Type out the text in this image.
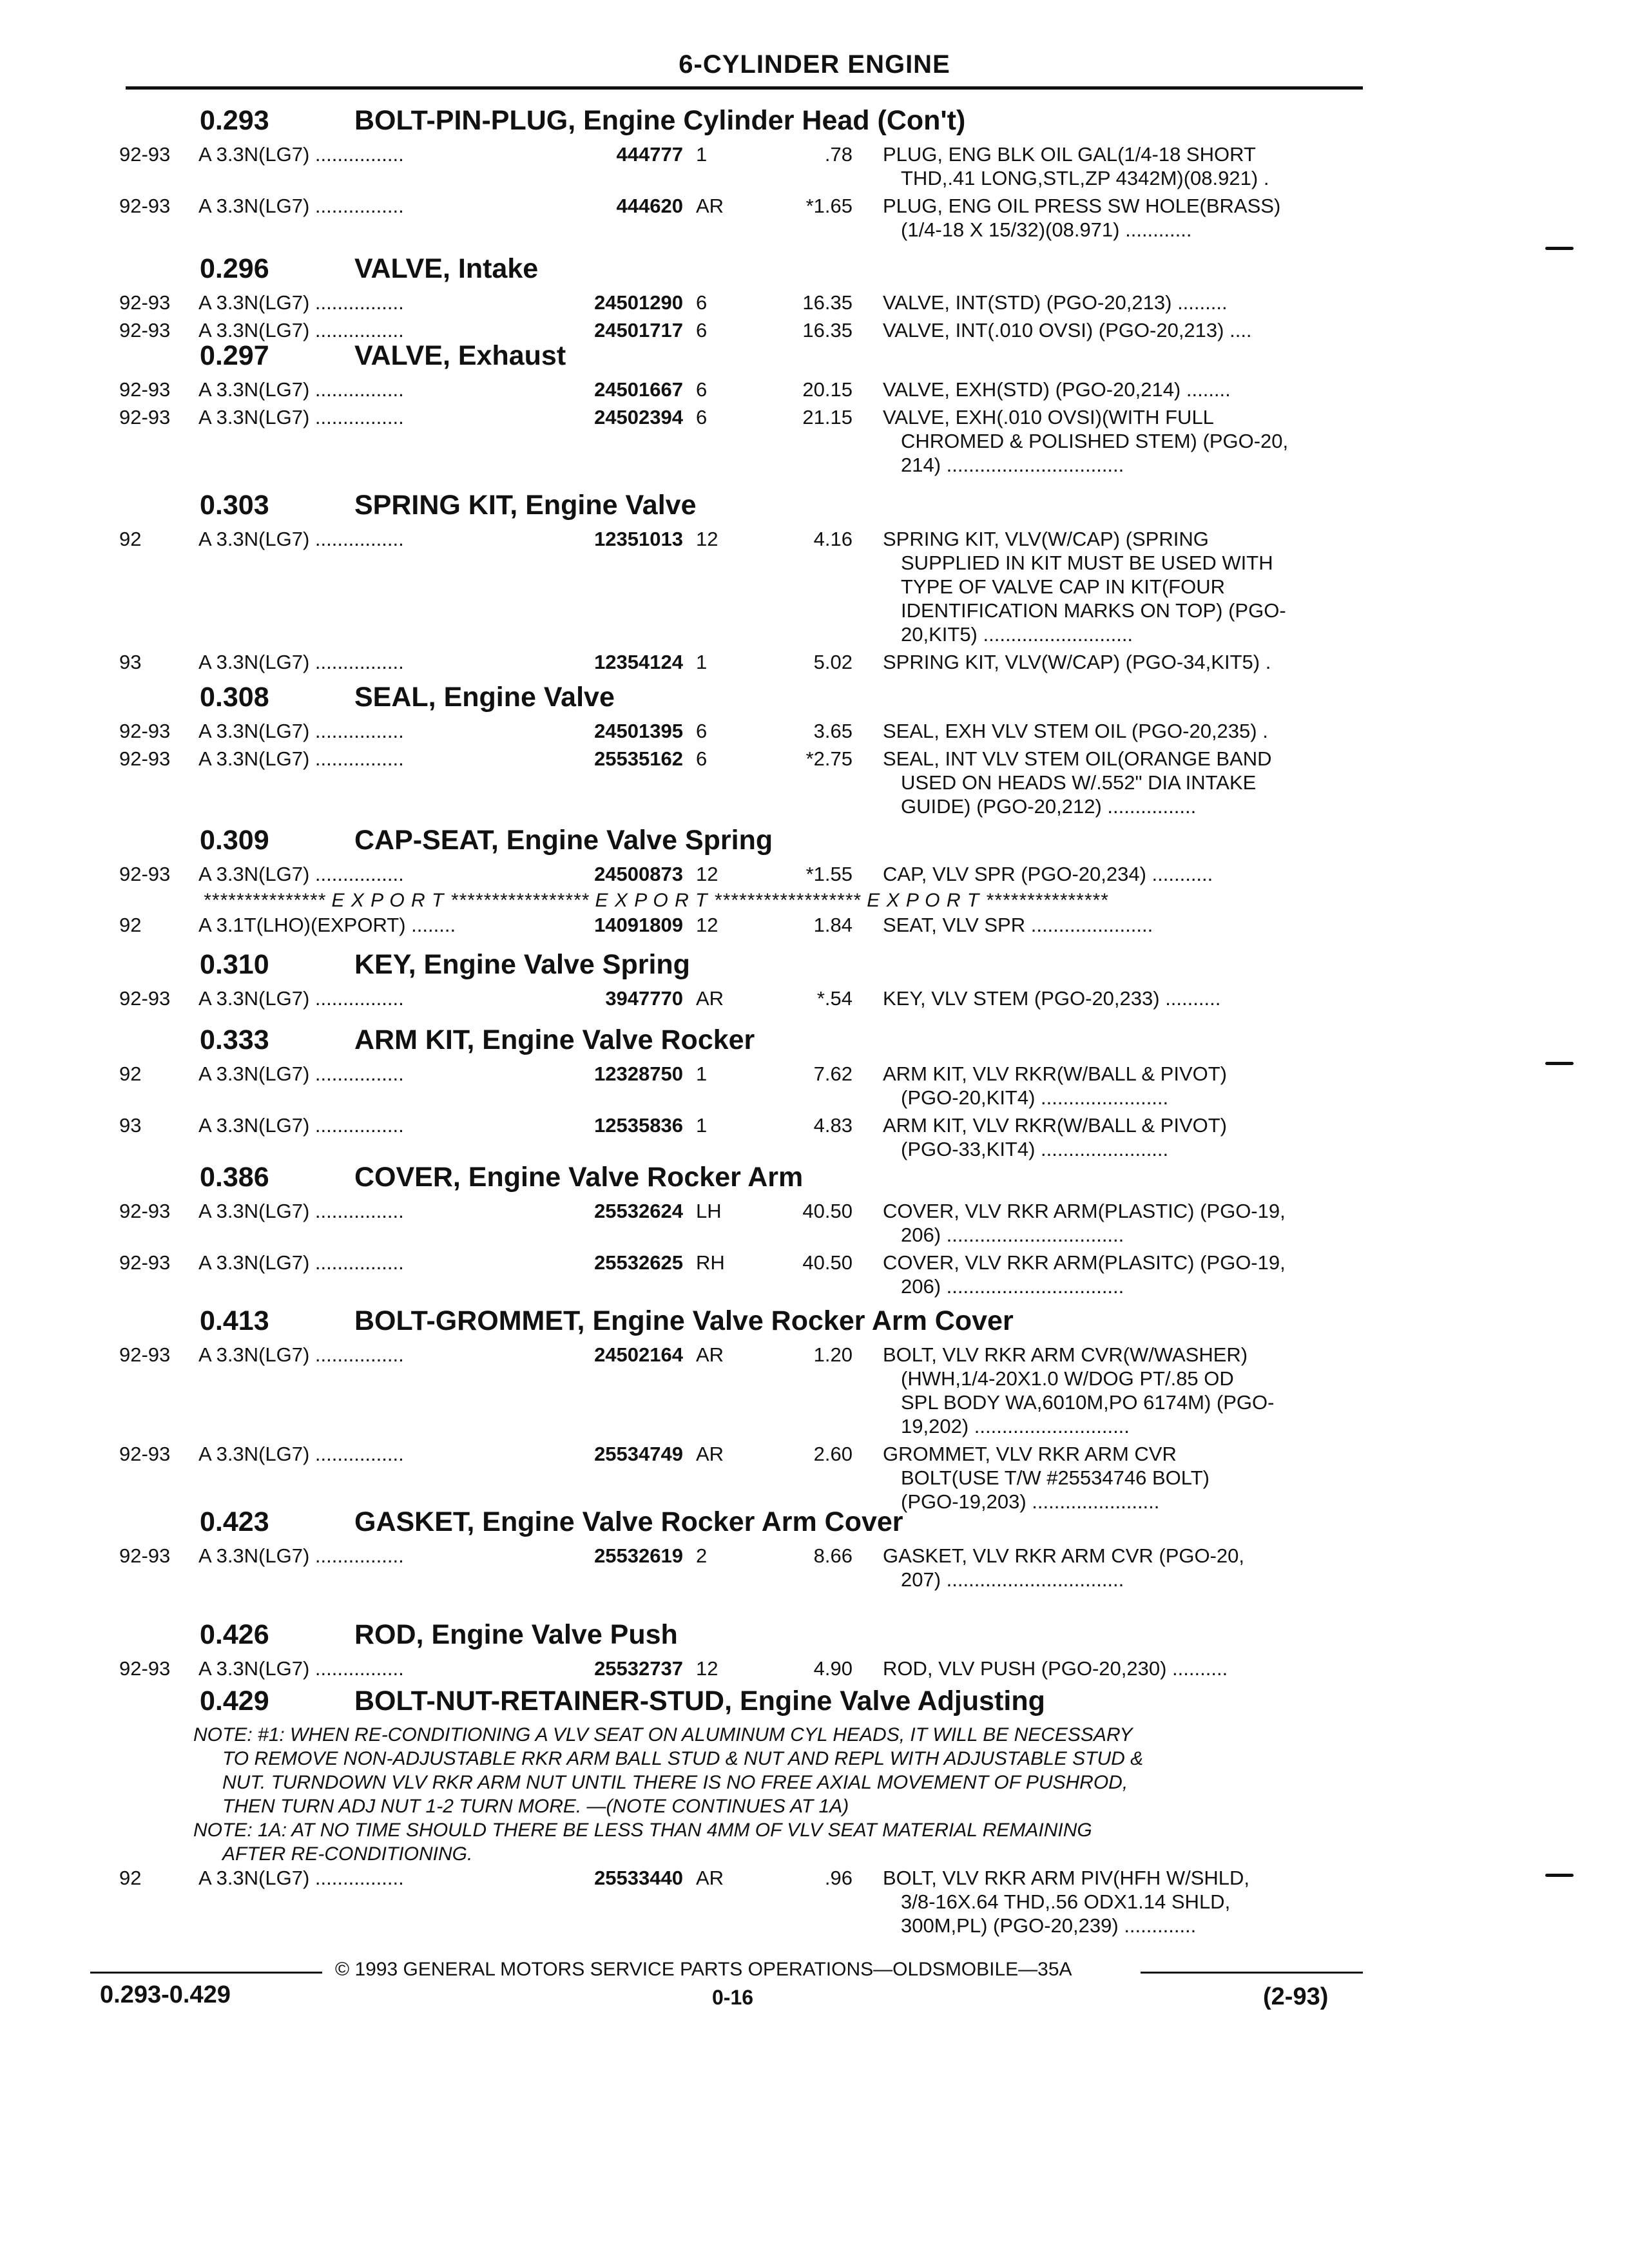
6-CYLINDER ENGINE
0.293	BOLT-PIN-PLUG, Engine Cylinder Head (Con't)
92-93 A 3.3N(LG7) ................	444777 1	.78 PLUG, ENG BLK OIL GAL(1/4-18 SHORT
THD,.41 LONG,STL,ZP 4342M)(08.921) .
92-93 A 3.3N(LG7) ................	444620 AR	*1.65 PLUG, ENG OIL PRESS SW HOLE(BRASS)
(1/4-18 X 15/32)(08.971) ............
0.296	VALVE, Intake
92-93 A 3.3N(LG7) ................	24501290 6	16.35 VALVE, INT(STD) (PGO-20,213) .........
92-93 A 3.3N(LG7) ................	24501717 6	16.35 VALVE, INT(.010 OVSI) (PGO-20,213) ....
0.297	VALVE, Exhaust
92-93 A 3.3N(LG7) ................	24501667 6	20.15 VALVE, EXH(STD) (PGO-20,214) ........
92-93 A 3.3N(LG7) ................	24502394 6	21.15 VALVE, EXH(.010 OVSI)(WITH FULL
CHROMED & POLISHED STEM) (PGO-20,
214) ................................
0.303	SPRING KIT, Engine Valve
92	A 3.3N(LG7) ................	12351013 12	4.16 SPRING KIT, VLV(W/CAP) (SPRING
SUPPLIED IN KIT MUST BE USED WITH
TYPE OF VALVE CAP IN KIT(FOUR
IDENTIFICATION MARKS ON TOP) (PGO-
20,KIT5) ...........................
93	A 3.3N(LG7) ................	12354124 1	5.02 SPRING KIT, VLV(W/CAP) (PGO-34,KIT5) .
0.308	SEAL, Engine Valve
92-93 A 3.3N(LG7) ................	24501395 6	3.65 SEAL, EXH VLV STEM OIL (PGO-20,235) .
92-93 A 3.3N(LG7) ................	25535162 6	*2.75 SEAL, INT VLV STEM OIL(ORANGE BAND
USED ON HEADS W/.552" DIA INTAKE
GUIDE) (PGO-20,212) ................
0.309	CAP-SEAT, Engine Valve Spring
92-93 A 3.3N(LG7) ................	24500873 12	*1.55 CAP, VLV SPR (PGO-20,234) ...........
*************** E X P O R T ***************** E X P O R T ****************** E X P O R T ***************
92	A 3.1T(LHO)(EXPORT) ........	14091809 12	1.84 SEAT, VLV SPR ......................
0.310	KEY, Engine Valve Spring
92-93 A 3.3N(LG7) ................	3947770 AR	*.54 KEY, VLV STEM (PGO-20,233) ..........
0.333	ARM KIT, Engine Valve Rocker
92	A 3.3N(LG7) ................	12328750 1	7.62 ARM KIT, VLV RKR(W/BALL & PIVOT)
(PGO-20,KIT4) .......................
93	A 3.3N(LG7) ................	12535836 1	4.83 ARM KIT, VLV RKR(W/BALL & PIVOT)
(PGO-33,KIT4) .......................
0.386	COVER, Engine Valve Rocker Arm
92-93 A 3.3N(LG7) ................	25532624 LH	40.50 COVER, VLV RKR ARM(PLASTIC) (PGO-19,
206) ................................
92-93 A 3.3N(LG7) ................	25532625 RH	40.50 COVER, VLV RKR ARM(PLASITC) (PGO-19,
206) ................................
0.413	BOLT-GROMMET, Engine Valve Rocker Arm Cover
92-93 A 3.3N(LG7) ................	24502164 AR	1.20 BOLT, VLV RKR ARM CVR(W/WASHER)
(HWH,1/4-20X1.0 W/DOG PT/.85 OD
SPL BODY WA,6010M,PO 6174M) (PGO-
19,202) ............................
92-93 A 3.3N(LG7) ................	25534749 AR	2.60 GROMMET, VLV RKR ARM CVR
BOLT(USE T/W #25534746 BOLT)
(PGO-19,203) .......................
0.423	GASKET, Engine Valve Rocker Arm Cover
92-93 A 3.3N(LG7) ................	25532619 2	8.66 GASKET, VLV RKR ARM CVR (PGO-20,
207) ................................
0.426	ROD, Engine Valve Push
92-93 A 3.3N(LG7) ................	25532737 12	4.90 ROD, VLV PUSH (PGO-20,230) ..........
0.429	BOLT-NUT-RETAINER-STUD, Engine Valve Adjusting
NOTE: #1: WHEN RE-CONDITIONING A VLV SEAT ON ALUMINUM CYL HEADS, IT WILL BE NECESSARY
TO REMOVE NON-ADJUSTABLE RKR ARM BALL STUD & NUT AND REPL WITH ADJUSTABLE STUD &
NUT. TURNDOWN VLV RKR ARM NUT UNTIL THERE IS NO FREE AXIAL MOVEMENT OF PUSHROD,
THEN TURN ADJ NUT 1-2 TURN MORE. —(NOTE CONTINUES AT 1A)
NOTE: 1A: AT NO TIME SHOULD THERE BE LESS THAN 4MM OF VLV SEAT MATERIAL REMAINING
AFTER RE-CONDITIONING.
92	A 3.3N(LG7) ................	25533440 AR	.96 BOLT, VLV RKR ARM PIV(HFH W/SHLD,
3/8-16X.64 THD,.56 ODX1.14 SHLD,
300M,PL) (PGO-20,239) .............
© 1993 GENERAL MOTORS SERVICE PARTS OPERATIONS—OLDSMOBILE—35A
0.293-0.429	0-16	(2-93)
